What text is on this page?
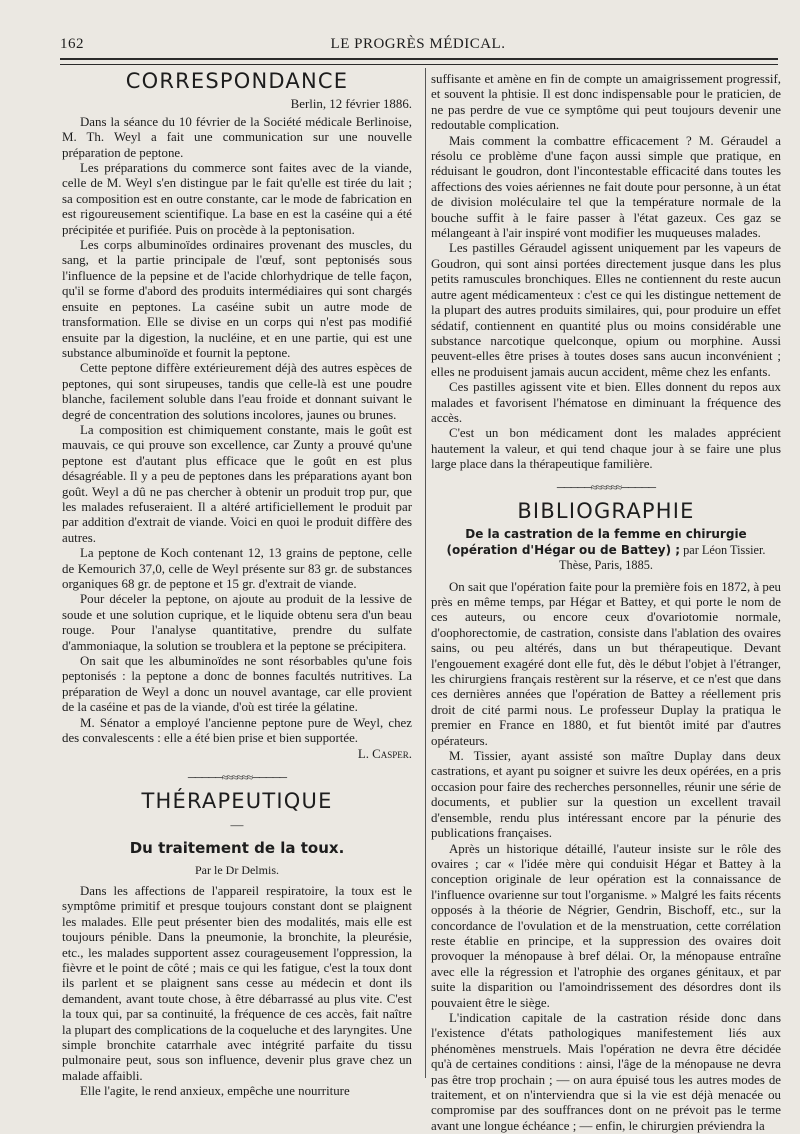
162	LE PROGRÈS MÉDICAL.
CORRESPONDANCE
Berlin, 12 février 1886.

Dans la séance du 10 février de la Société médicale Berlinoise, M. Th. Weyl a fait une communication sur une nouvelle préparation de peptone.

Les préparations du commerce sont faites avec de la viande, celle de M. Weyl s'en distingue par le fait qu'elle est tirée du lait ; sa composition est en outre constante, car le mode de fabrication en est rigoureusement scientifique. La base en est la caséine qui a été précipitée et purifiée. Puis on procède à la peptonisation.

Les corps albuminoïdes ordinaires provenant des muscles, du sang, et la partie principale de l'œuf, sont peptonisés sous l'influence de la pepsine et de l'acide chlorhydrique de telle façon, qu'il se forme d'abord des produits intermédiaires qui sont chargés ensuite en peptones. La caséine subit un autre mode de transformation. Elle se divise en un corps qui n'est pas modifié ensuite par la digestion, la nucléine, et en une partie, qui est une substance albuminoïde et fournit la peptone.

Cette peptone diffère extérieurement déjà des autres espèces de peptones, qui sont sirupeuses, tandis que celle-là est une poudre blanche, facilement soluble dans l'eau froide et donnant suivant le degré de concentration des solutions incolores, jaunes ou brunes.

La composition est chimiquement constante, mais le goût est mauvais, ce qui prouve son excellence, car Zunty a prouvé qu'une peptone est d'autant plus efficace que le goût en est plus désagréable. Il y a peu de peptones dans les préparations ayant bon goût. Weyl a dû ne pas chercher à obtenir un produit trop pur, que les malades refuseraient. Il a altéré artificiellement le produit par par addition d'extrait de viande. Voici en quoi le produit diffère des autres.

La peptone de Koch contenant 12, 13 grains de peptone, celle de Kemourich 37,0, celle de Weyl présente sur 83 gr. de substances organiques 68 gr. de peptone et 15 gr. d'extrait de viande.

Pour déceler la peptone, on ajoute au produit de la lessive de soude et une solution cuprique, et le liquide obtenu sera d'un beau rouge. Pour l'analyse quantitative, prendre du sulfate d'ammoniaque, la solution se troublera et la peptone se précipitera.

On sait que les albuminoïdes ne sont résorbables qu'une fois peptonisés : la peptone a donc de bonnes facultés nutritives. La préparation de Weyl a donc un nouvel avantage, car elle provient de la caséine et pas de la viande, d'où est tirée la gélatine.

M. Sénator a employé l'ancienne peptone pure de Weyl, chez des convalescents : elle a été bien prise et bien supportée.

L. Casper.
─────≈≈≈≈≈≈─────
THÉRAPEUTIQUE
—
Du traitement de la toux.
Par le Dr Delmis.

Dans les affections de l'appareil respiratoire, la toux est le symptôme primitif et presque toujours constant dont se plaignent les malades. Elle peut présenter bien des modalités, mais elle est toujours pénible. Dans la pneumonie, la bronchite, la pleurésie, etc., les malades supportent assez courageusement l'oppression, la fièvre et le point de côté ; mais ce qui les fatigue, c'est la toux dont ils parlent et se plaignent sans cesse au médecin et dont ils demandent, avant toute chose, à être débarrassé au plus vite. C'est la toux qui, par sa continuité, la fréquence de ces accès, fait naître la plupart des complications de la coqueluche et des laryngites. Une simple bronchite catarrhale avec intégrité parfaite du tissu pulmonaire peut, sous son influence, devenir plus grave chez un malade affaibli.

Elle l'agite, le rend anxieux, empêche une nourriture

suffisante et amène en fin de compte un amaigrissement progressif, et souvent la phtisie. Il est donc indispensable pour le praticien, de ne pas perdre de vue ce symptôme qui peut toujours devenir une redoutable complication.

Mais comment la combattre efficacement ? M. Géraudel a résolu ce problème d'une façon aussi simple que pratique, en réduisant le goudron, dont l'incontestable efficacité dans toutes les affections des voies aériennes ne fait doute pour personne, à un état de division moléculaire tel que la température normale de la bouche suffit à le faire passer à l'état gazeux. Ces gaz se mélangeant à l'air inspiré vont modifier les muqueuses malades.

Les pastilles Géraudel agissent uniquement par les vapeurs de Goudron, qui sont ainsi portées directement jusque dans les plus petits ramuscules bronchiques. Elles ne contiennent du reste aucun autre agent médicamenteux : c'est ce qui les distingue nettement de la plupart des autres produits similaires, qui, pour produire un effet sédatif, contiennent en quantité plus ou moins considérable une substance narcotique quelconque, opium ou morphine. Aussi peuvent-elles être prises à toutes doses sans aucun inconvénient ; elles ne produisent jamais aucun accident, même chez les enfants.

Ces pastilles agissent vite et bien. Elles donnent du repos aux malades et favorisent l'hématose en diminuant la fréquence des accès.

C'est un bon médicament dont les malades apprécient hautement la valeur, et qui tend chaque jour à se faire une plus large place dans la thérapeutique familière.

─────≈≈≈≈≈≈─────
BIBLIOGRAPHIE
De la castration de la femme en chirurgie (opération d'Hégar ou de Battey) ; par Léon Tissier. Thèse, Paris, 1885.

On sait que l'opération faite pour la première fois en 1872, à peu près en même temps, par Hégar et Battey, et qui porte le nom de ces auteurs, ou encore ceux d'ovariotomie normale, d'oophorectomie, de castration, consiste dans l'ablation des ovaires sains, ou peu altérés, dans un but thérapeutique. Devant l'engouement exagéré dont elle fut, dès le début l'objet à l'étranger, les chirurgiens français restèrent sur la réserve, et ce n'est que dans ces dernières années que l'opération de Battey a réellement pris droit de cité parmi nous. Le professeur Duplay la pratiqua le premier en France en 1880, et fut bientôt imité par d'autres opérateurs.

M. Tissier, ayant assisté son maître Duplay dans deux castrations, et ayant pu soigner et suivre les deux opérées, en a pris occasion pour faire des recherches personnelles, réunir une série de documents, et publier sur la question un excellent travail d'ensemble, rendu plus intéressant encore par la pénurie des publications françaises.

Après un historique détaillé, l'auteur insiste sur le rôle des ovaires ; car « l'idée mère qui conduisit Hégar et Battey à la conception originale de leur opération est la connaissance de l'influence ovarienne sur tout l'organisme. » Malgré les faits récents opposés à la théorie de Négrier, Gendrin, Bischoff, etc., sur la concordance de l'ovulation et de la menstruation, cette corrélation reste établie en principe, et la suppression des ovaires doit provoquer la ménopause à bref délai. Or, la ménopause entraîne avec elle la régression et l'atrophie des organes génitaux, et par suite la disparition ou l'amoindrissement des désordres dont ils pouvaient être le siège.

L'indication capitale de la castration réside donc dans l'existence d'états pathologiques manifestement liés aux phénomènes menstruels. Mais l'opération ne devra être décidée qu'à de certaines conditions : ainsi, l'âge de la ménopause ne devra pas être trop prochain ; — on aura épuisé tous les autres modes de traitement, et on n'interviendra que si la vie est déjà menacée ou compromise par des souffrances dont on ne prévoit pas le terme avant une longue échéance ; — enfin, le chirurgien préviendra la
